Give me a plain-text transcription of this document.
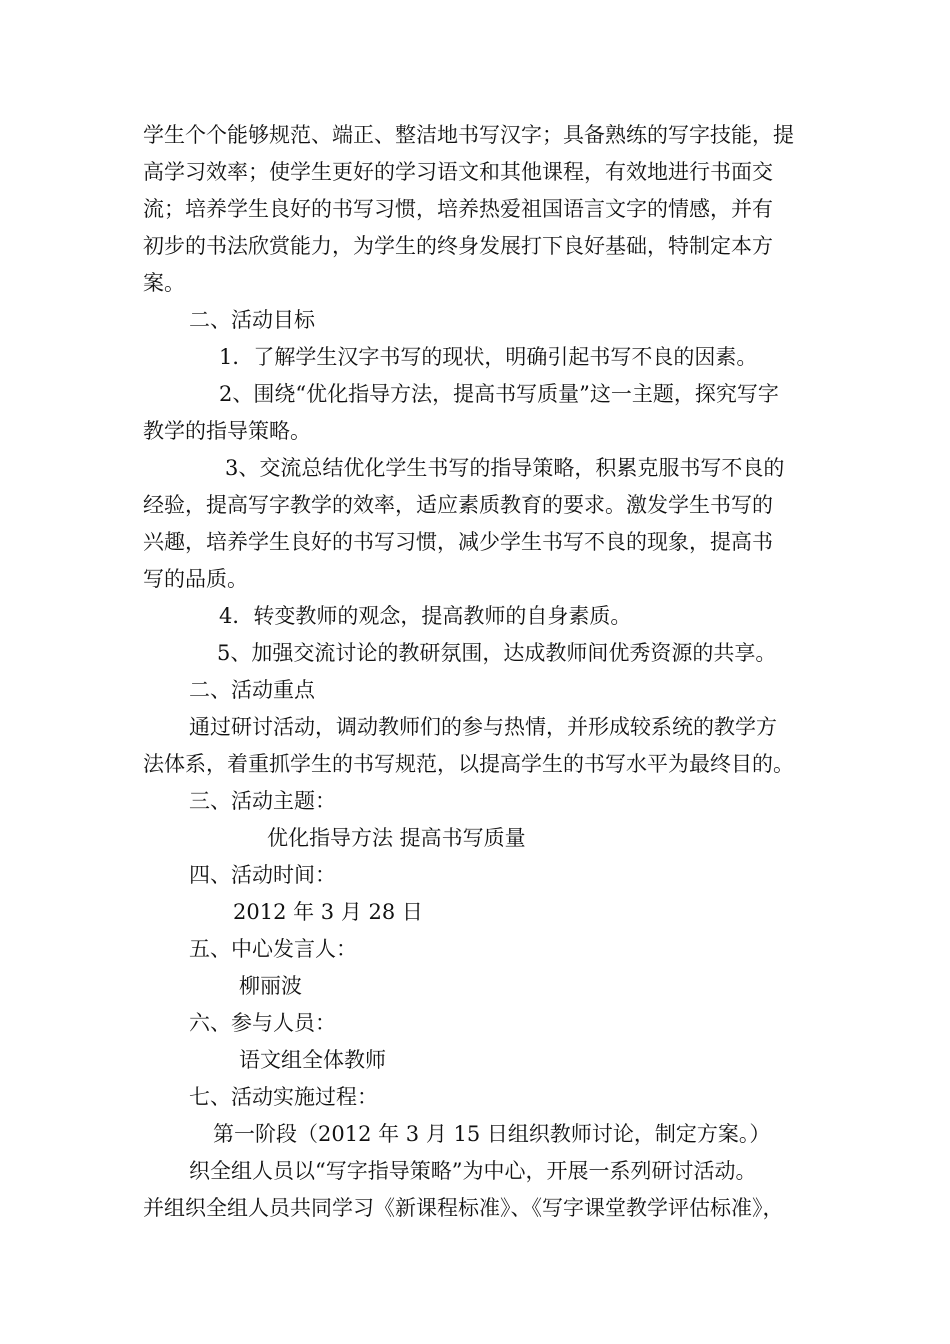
学生个个能够规范、端正、整洁地书写汉字；具备熟练的写字技能，提

高学习效率；使学生更好的学习语文和其他课程，有效地进行书面交

流；培养学生良好的书写习惯，培养热爱祖国语言文字的情感，并有

初步的书法欣赏能力，为学生的终身发展打下良好基础，特制定本方

案。

二、活动目标

1．了解学生汉字书写的现状，明确引起书写不良的因素。

2、围绕“优化指导方法，提高书写质量”这一主题，探究写字

教学的指导策略。

3、交流总结优化学生书写的指导策略，积累克服书写不良的

经验，提高写字教学的效率，适应素质教育的要求。激发学生书写的

兴趣，培养学生良好的书写习惯，减少学生书写不良的现象，提高书

写的品质。

4．转变教师的观念，提高教师的自身素质。

5、加强交流讨论的教研氛围，达成教师间优秀资源的共享。

二、活动重点

通过研讨活动，调动教师们的参与热情，并形成较系统的教学方

法体系，着重抓学生的书写规范，以提高学生的书写水平为最终目的。

三、活动主题：

优化指导方法 提高书写质量

四、活动时间：

2012 年 3 月 28 日

五、中心发言人：

柳丽波

六、参与人员：

语文组全体教师

七、活动实施过程：

第一阶段（2012 年 3 月 15 日组织教师讨论，制定方案。）

织全组人员以“写字指导策略”为中心，开展一系列研讨活动。

并组织全组人员共同学习《新课程标准》、《写字课堂教学评估标准》，
